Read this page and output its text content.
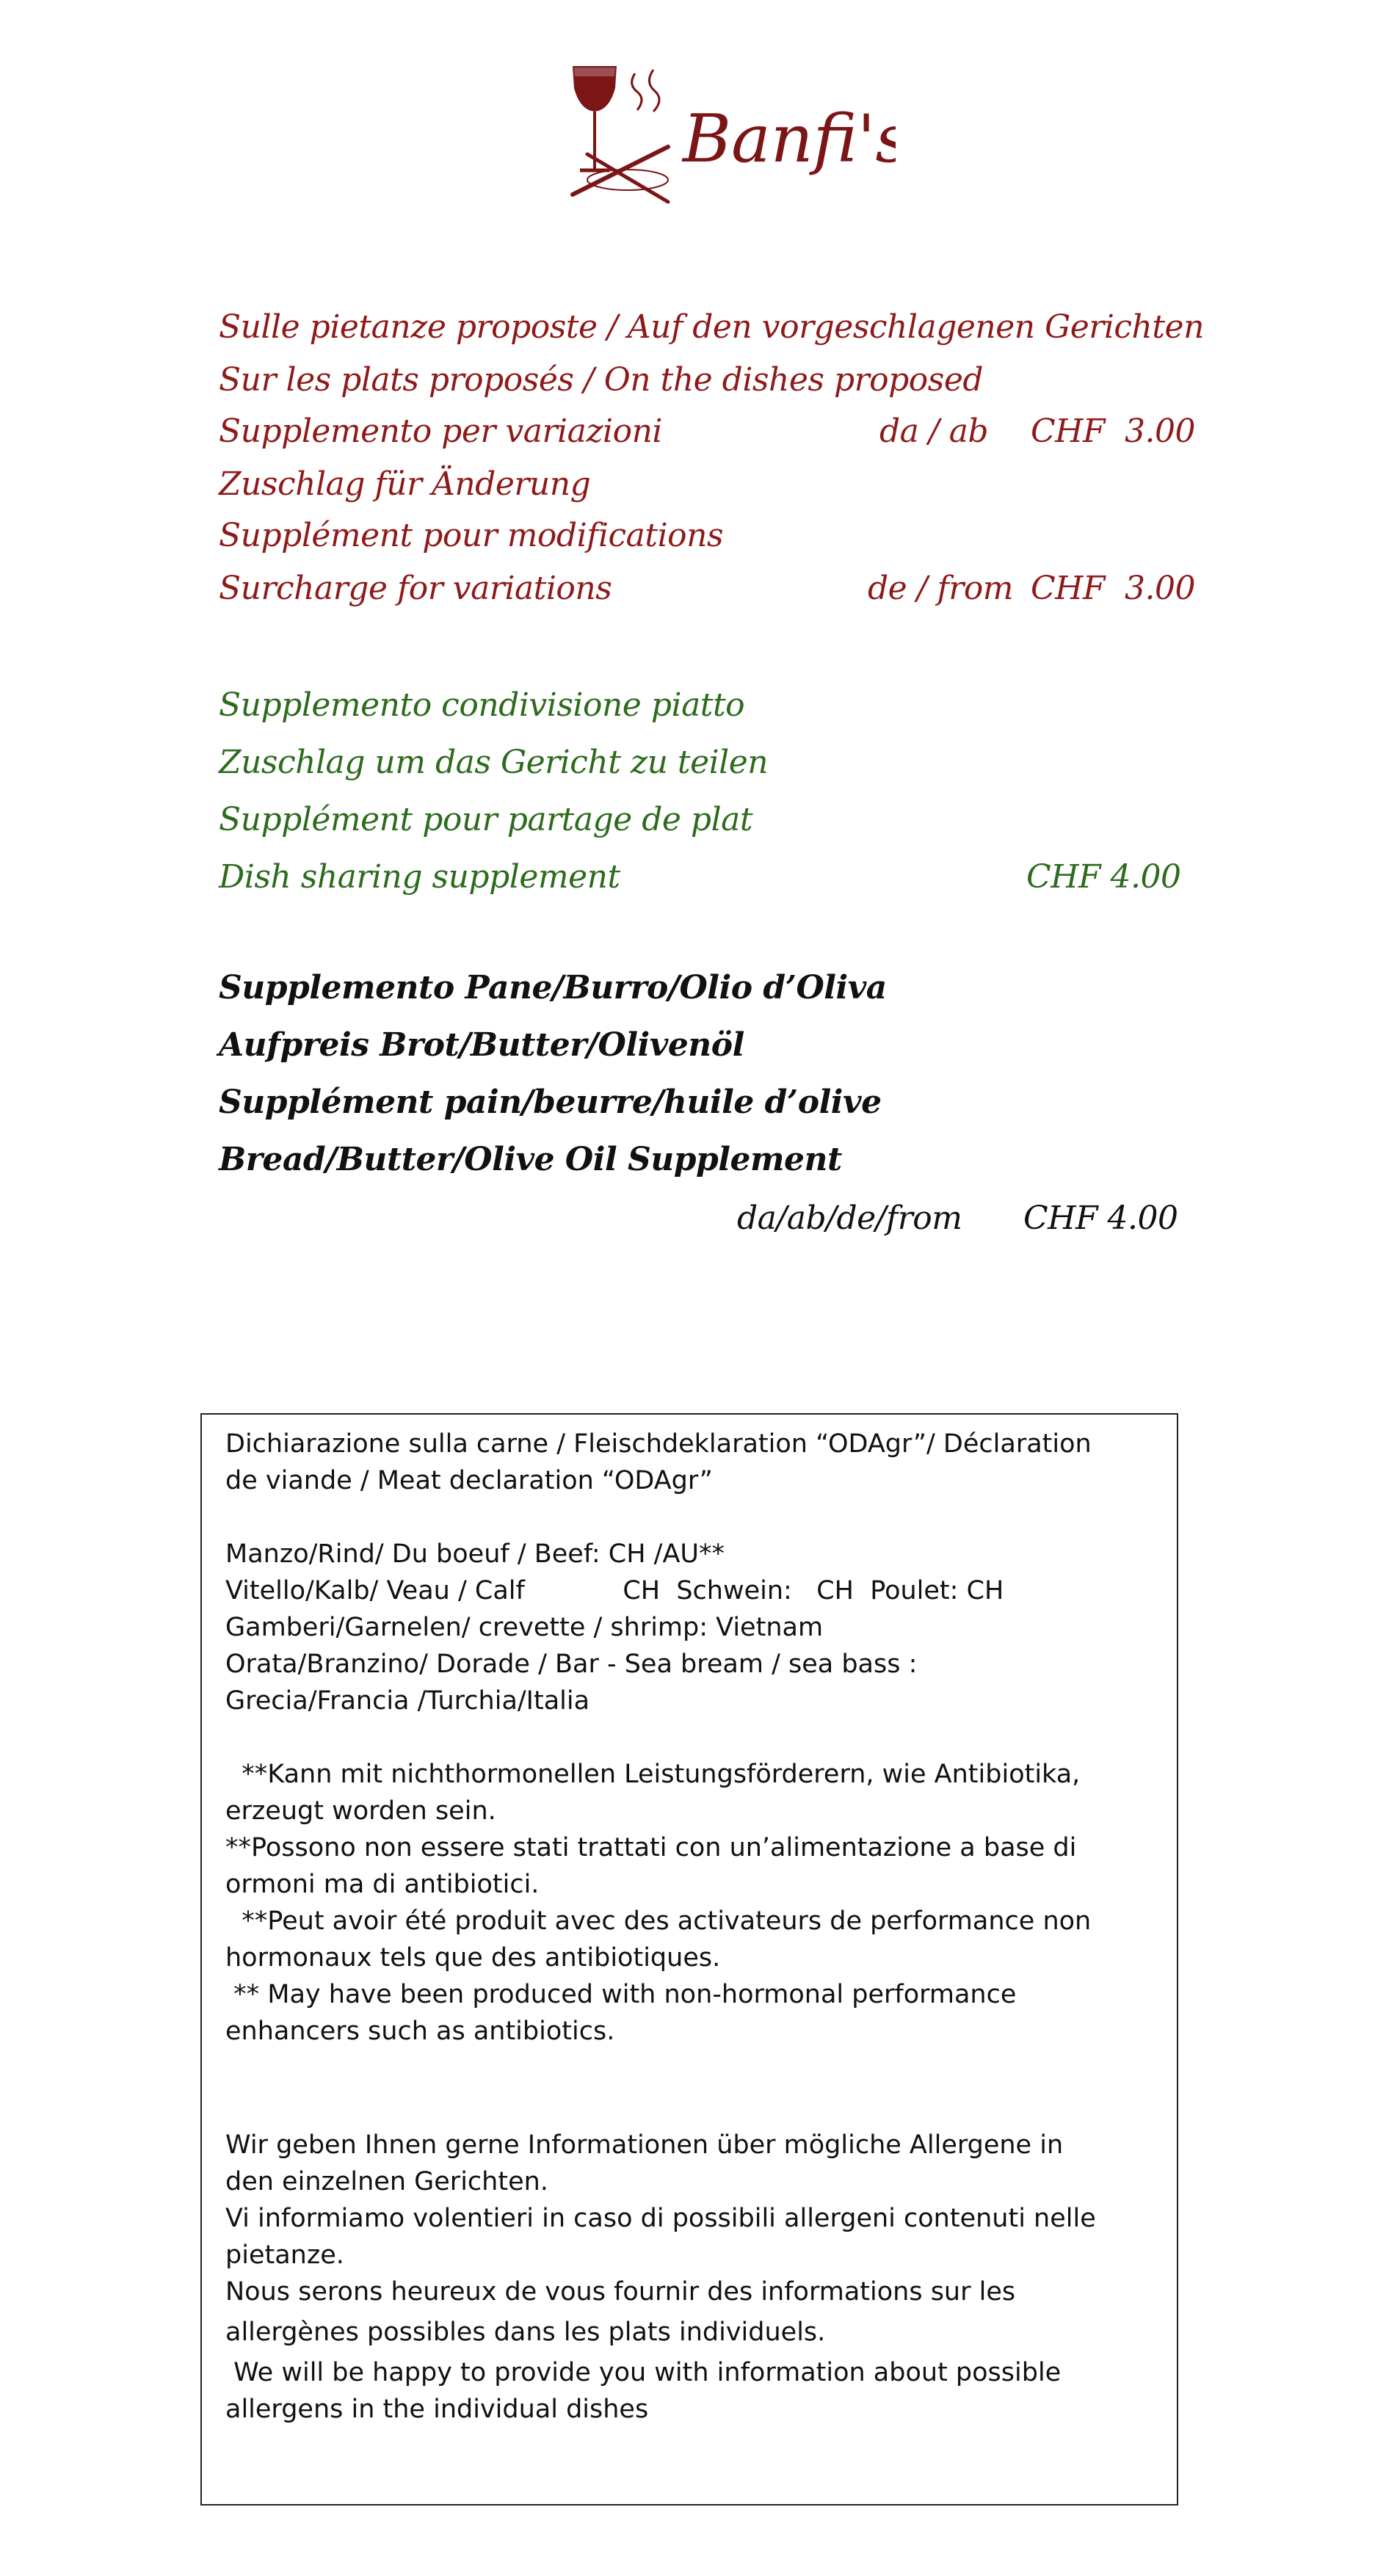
Banfi's
Sulle pietanze proposte / Auf den vorgeschlagenen Gerichten
Sur les plats proposés / On the dishes proposed
Supplemento per variazioni	da / ab CHF  3.00
Zuschlag für Änderung
Supplément pour modifications
Surcharge for variations	de / from CHF  3.00
Supplemento condivisione piatto
Zuschlag um das Gericht zu teilen
Supplément pour partage de plat
Dish sharing supplement	CHF 4.00
Supplemento Pane/Burro/Olio d’Oliva
Aufpreis Brot/Butter/Olivenöl
Supplément pain/beurre/huile d’olive
Bread/Butter/Olive Oil Supplement
da/ab/de/from CHF 4.00
Dichiarazione sulla carne / Fleischdeklaration “ODAgr”/ Déclaration
de viande / Meat declaration “ODAgr”
Manzo/Rind/ Du boeuf / Beef: CH /AU**
Vitello/Kalb/ Veau / Calf            CH  Schwein:   CH  Poulet: CH
Gamberi/Garnelen/ crevette / shrimp: Vietnam
Orata/Branzino/ Dorade / Bar - Sea bream / sea bass :
Grecia/Francia /Turchia/Italia
**Kann mit nichthormonellen Leistungsförderern, wie Antibiotika,
erzeugt worden sein.
**Possono non essere stati trattati con un’alimentazione a base di
ormoni ma di antibiotici.
**Peut avoir été produit avec des activateurs de performance non
hormonaux tels que des antibiotiques.
** May have been produced with non-hormonal performance
enhancers such as antibiotics.
Wir geben Ihnen gerne Informationen über mögliche Allergene in
den einzelnen Gerichten.
Vi informiamo volentieri in caso di possibili allergeni contenuti nelle
pietanze.
Nous serons heureux de vous fournir des informations sur les
allergènes possibles dans les plats individuels.
We will be happy to provide you with information about possible
allergens in the individual dishes
